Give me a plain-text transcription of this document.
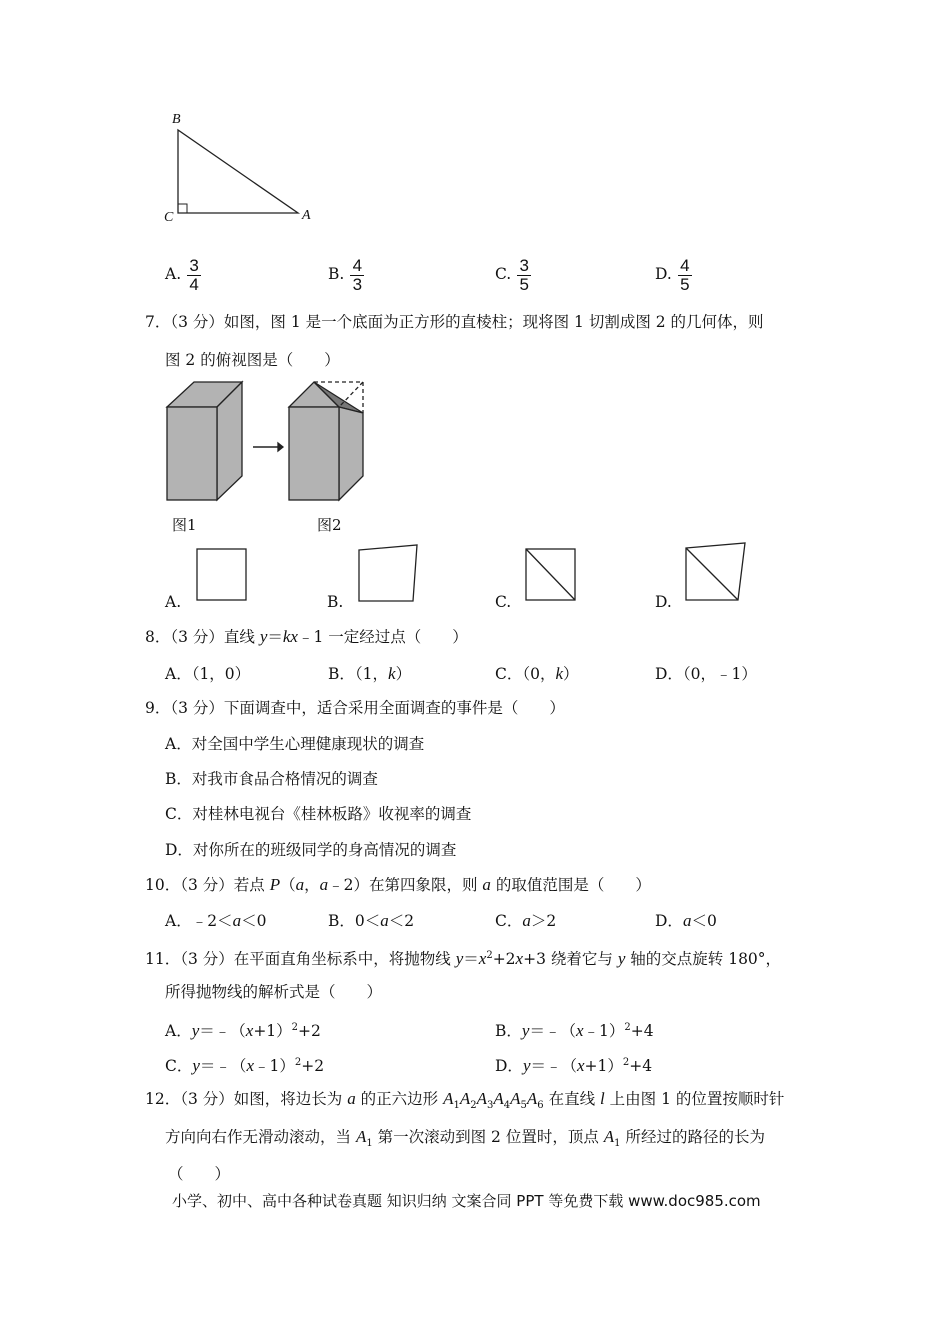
B
C	A
7．（3 分）如图，图 1 是一个底面为正方形的直棱柱；现将图 1 切割成图 2 的几何体，则
图 2 的俯视图是（　　）
图1	图2
A.	B.	C.	D.
8．（3 分）直线 y＝kx﹣1 一定经过点（　　）
9．（3 分）下面调查中，适合采用全面调查的事件是（　　）
10．（3 分）若点 P（a，a﹣2）在第四象限，则 a 的取值范围是（　　）
11．（3 分）在平面直角坐标系中，将抛物线 $y=x^2+2x+3$ 绕着它与 y 轴的交点旋转 180°，
所得抛物线的解析式是（　　）
12．（3 分）如图，将边长为 a 的正六边形 $A_1A_2A_3A_4A_5A_6$ 在直线 l 上由图 1 的位置按顺时针
方向向右作无滑动滚动，当 $A_1$ 第一次滚动到图 2 位置时，顶点 $A_1$ 所经过的路径的长为
（　　）
小学、初中、高中各种试卷真题 知识归纳 文案合同 PPT 等免费下载 www.doc985.com
A. $\frac{3}{4}$	B. $\frac{4}{3}$	C. $\frac{3}{5}$	D. $\frac{4}{5}$
A．（1，0）	B．（1，k）	C．（0，k）	D．（0，﹣1）
A．对全国中学生心理健康现状的调查
B．对我市食品合格情况的调查
C．对桂林电视台《桂林板路》收视率的调查
D．对你所在的班级同学的身高情况的调查
A．﹣2＜a＜0	B．0＜a＜2	C．a＞2	D．a＜0
A．$y=﹣(x+1)^2+2$	B．y＝﹣（x﹣1）$^2$+4
C．y＝﹣（x﹣1）$^2$+2	D．$y=﹣(x+1)^2+4$
